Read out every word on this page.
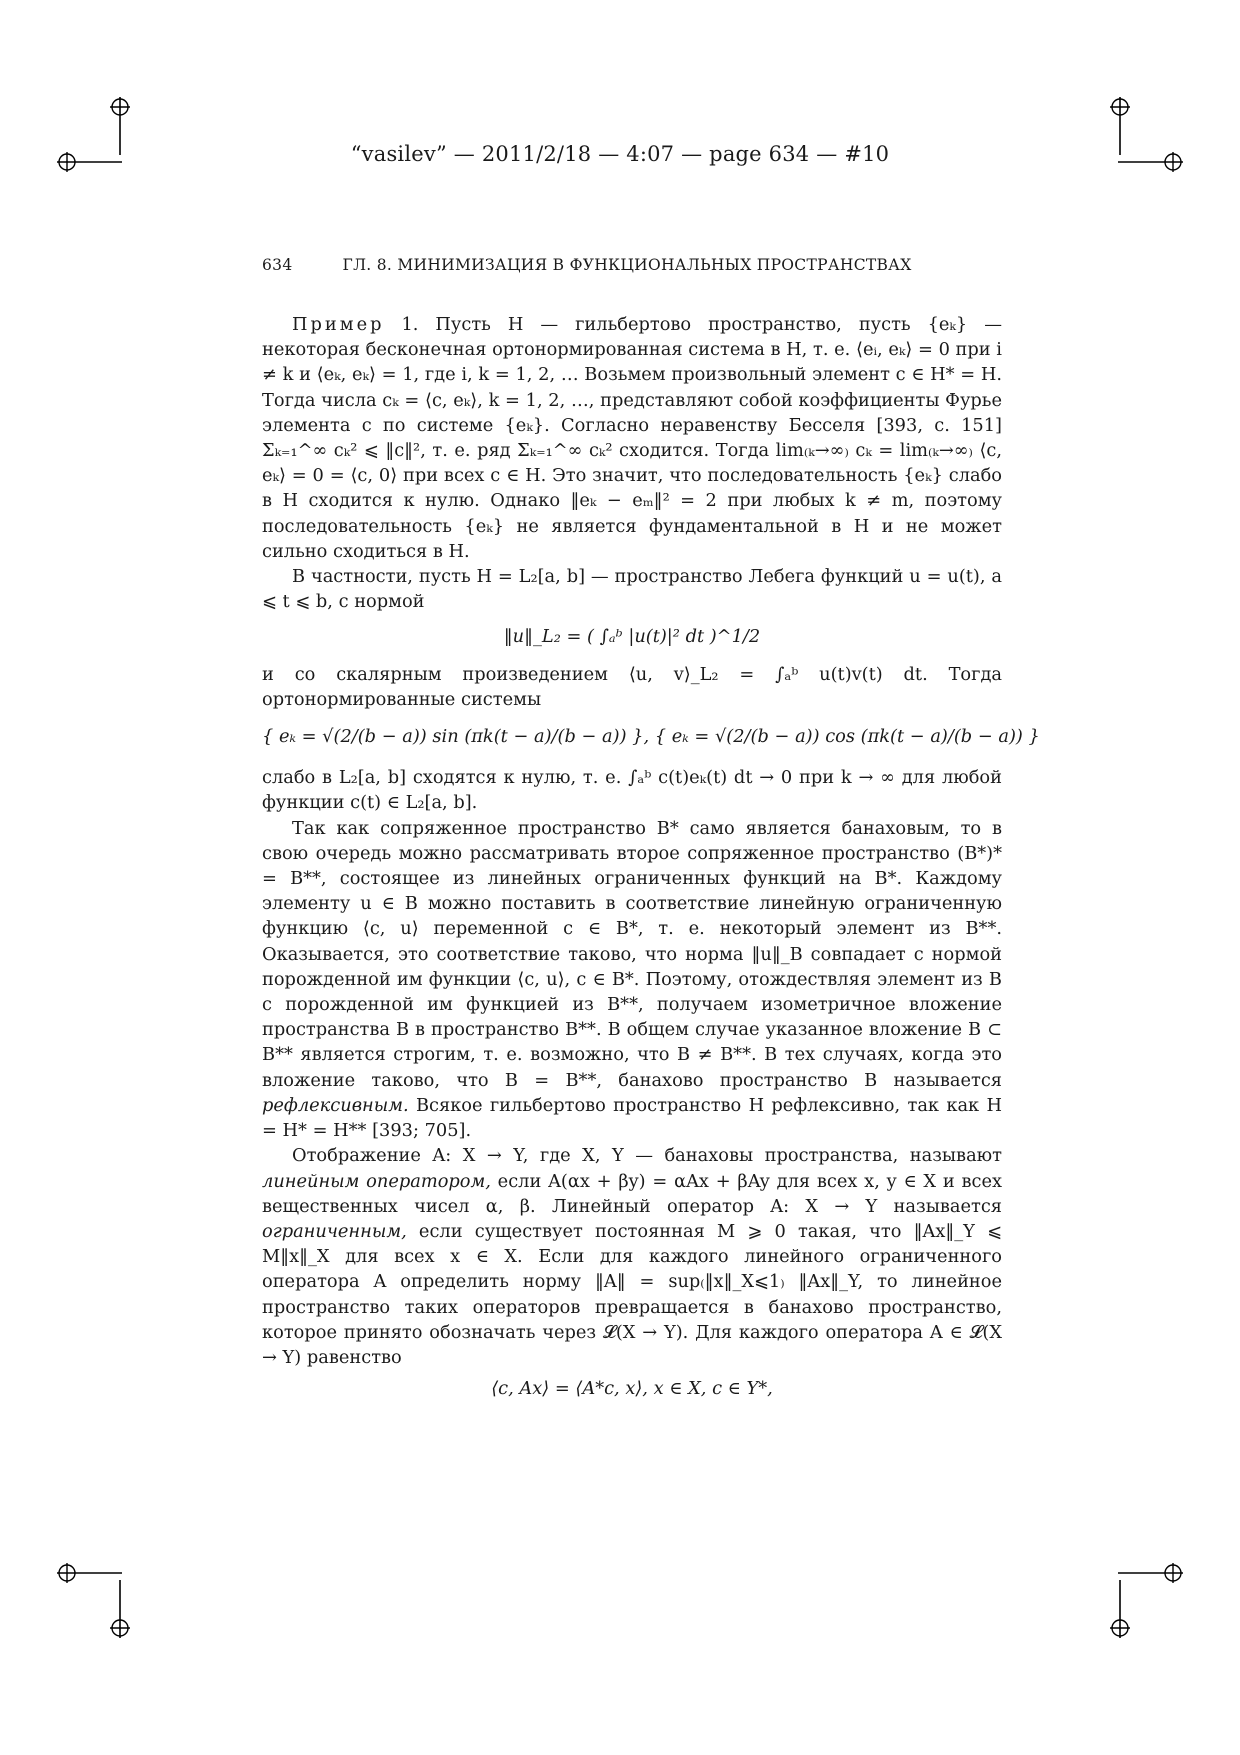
“vasilev” — 2011/2/18 — 4:07 — page 634 — #10
634	ГЛ. 8. МИНИМИЗАЦИЯ В ФУНКЦИОНАЛЬНЫХ ПРОСТРАНСТВАХ

Пример 1. Пусть H — гильбертово пространство, пусть {eₖ} — некоторая бесконечная ортонормированная система в H, т. е. ⟨eᵢ, eₖ⟩ = 0 при i ≠ k и ⟨eₖ, eₖ⟩ = 1, где i, k = 1, 2, … Возьмем произвольный элемент c ∈ H* = H. Тогда числа cₖ = ⟨c, eₖ⟩, k = 1, 2, …, представляют собой коэффициенты Фурье элемента c по системе {eₖ}. Согласно неравенству Бесселя [393, с. 151] Σₖ₌₁^∞ cₖ² ⩽ ‖c‖², т. е. ряд Σₖ₌₁^∞ cₖ² сходится. Тогда lim₍ₖ→∞₎ cₖ = lim₍ₖ→∞₎ ⟨c, eₖ⟩ = 0 = ⟨c, 0⟩ при всех c ∈ H. Это значит, что последовательность {eₖ} слабо в H сходится к нулю. Однако ‖eₖ − eₘ‖² = 2 при любых k ≠ m, поэтому последовательность {eₖ} не является фундаментальной в H и не может сильно сходиться в H.

В частности, пусть H = L₂[a, b] — пространство Лебега функций u = u(t), a ⩽ t ⩽ b, с нормой

‖u‖_L₂ = ( ∫ₐᵇ |u(t)|² dt )^1/2

и со скалярным произведением ⟨u, v⟩_L₂ = ∫ₐᵇ u(t)v(t) dt. Тогда ортонормированные системы

{ eₖ = √(2/(b − a)) sin (πk(t − a)/(b − a)) }, { eₖ = √(2/(b − a)) cos (πk(t − a)/(b − a)) }

слабо в L₂[a, b] сходятся к нулю, т. е. ∫ₐᵇ c(t)eₖ(t) dt → 0 при k → ∞ для любой функции c(t) ∈ L₂[a, b].

Так как сопряженное пространство B* само является банаховым, то в свою очередь можно рассматривать второе сопряженное пространство (B*)* = B**, состоящее из линейных ограниченных функций на B*. Каждому элементу u ∈ B можно поставить в соответствие линейную ограниченную функцию ⟨c, u⟩ переменной c ∈ B*, т. е. некоторый элемент из B**. Оказывается, это соответствие таково, что норма ‖u‖_B совпадает с нормой порожденной им функции ⟨c, u⟩, c ∈ B*. Поэтому, отождествляя элемент из B с порожденной им функцией из B**, получаем изометричное вложение пространства B в пространство B**. В общем случае указанное вложение B ⊂ B** является строгим, т. е. возможно, что B ≠ B**. В тех случаях, когда это вложение таково, что B = B**, банахово пространство B называется рефлексивным. Всякое гильбертово пространство H рефлексивно, так как H = H* = H** [393; 705].

Отображение A: X → Y, где X, Y — банаховы пространства, называют линейным оператором, если A(αx + βy) = αAx + βAy для всех x, y ∈ X и всех вещественных чисел α, β. Линейный оператор A: X → Y называется ограниченным, если существует постоянная M ⩾ 0 такая, что ‖Ax‖_Y ⩽ M‖x‖_X для всех x ∈ X. Если для каждого линейного ограниченного оператора A определить норму ‖A‖ = sup₍‖x‖_X⩽1₎ ‖Ax‖_Y, то линейное пространство таких операторов превращается в банахово пространство, которое принято обозначать через 𝓛(X → Y). Для каждого оператора A ∈ 𝓛(X → Y) равенство

⟨c, Ax⟩ = ⟨A*c, x⟩, x ∈ X, c ∈ Y*,
